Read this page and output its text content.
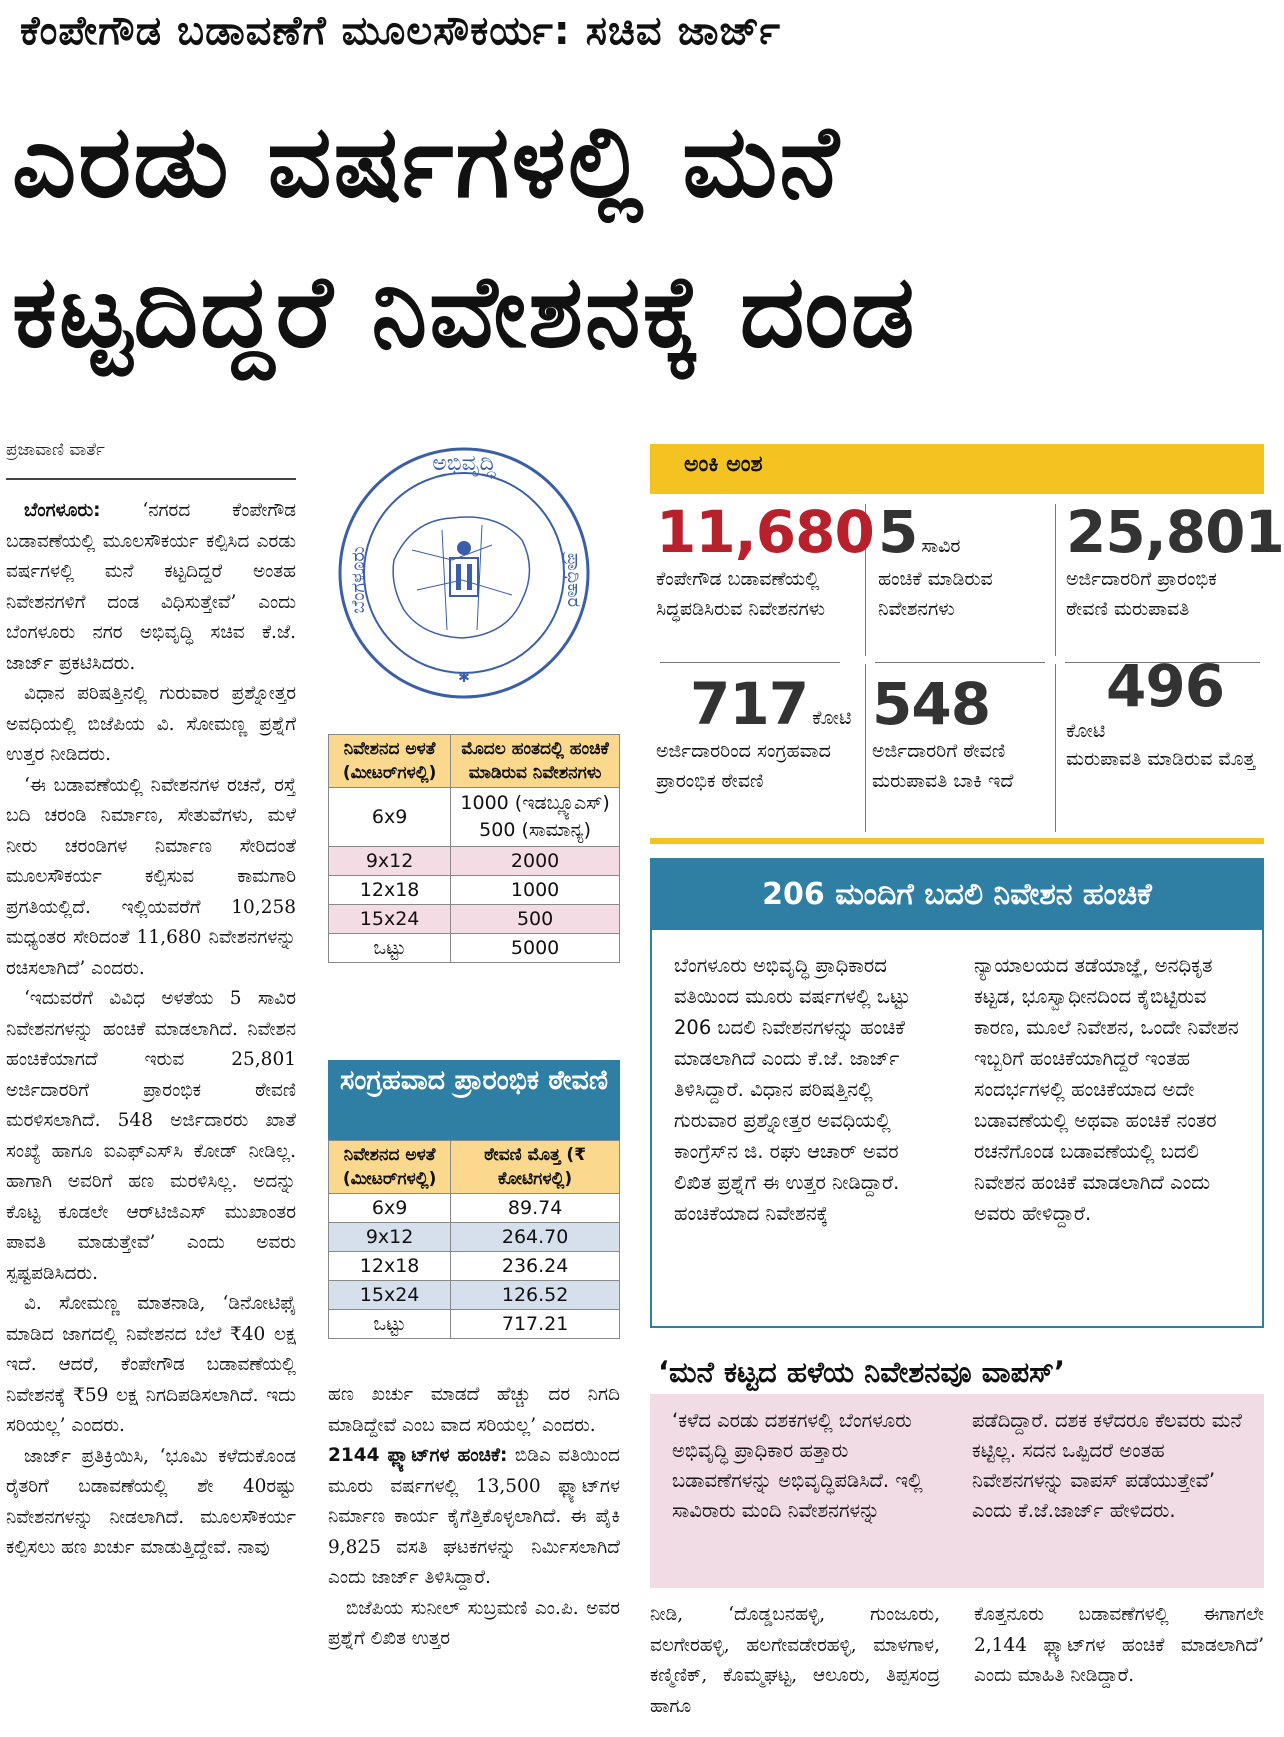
ಕೆಂಪೇಗೌಡ ಬಡಾವಣೆಗೆ ಮೂಲಸೌಕರ್ಯ: ಸಚಿವ ಜಾರ್ಜ್
ಎರಡು ವರ್ಷಗಳಲ್ಲಿ ಮನೆ
ಕಟ್ಟದಿದ್ದರೆ ನಿವೇಶನಕ್ಕೆ ದಂಡ
ಪ್ರಜಾವಾಣಿ ವಾರ್ತೆ

ಬೆಂಗಳೂರು: ‘ನಗರದ ಕೆಂಪೇಗೌಡ ಬಡಾವಣೆಯಲ್ಲಿ ಮೂಲಸೌಕರ್ಯ ಕಲ್ಪಿಸಿದ ಎರಡು ವರ್ಷಗಳಲ್ಲಿ ಮನೆ ಕಟ್ಟದಿದ್ದರೆ ಅಂತಹ ನಿವೇಶನಗಳಿಗೆ ದಂಡ ವಿಧಿಸುತ್ತೇವೆ’ ಎಂದು ಬೆಂಗಳೂರು ನಗರ ಅಭಿವೃದ್ಧಿ ಸಚಿವ ಕೆ.ಜೆ. ಜಾರ್ಜ್ ಪ್ರಕಟಿಸಿದರು.

ವಿಧಾನ ಪರಿಷತ್ತಿನಲ್ಲಿ ಗುರುವಾರ ಪ್ರಶ್ನೋತ್ತರ ಅವಧಿಯಲ್ಲಿ ಬಿಜೆಪಿಯ ವಿ. ಸೋಮಣ್ಣ ಪ್ರಶ್ನೆಗೆ ಉತ್ತರ ನೀಡಿದರು.

‘ಈ ಬಡಾವಣೆಯಲ್ಲಿ ನಿವೇಶನಗಳ ರಚನೆ, ರಸ್ತೆ ಬದಿ ಚರಂಡಿ ನಿರ್ಮಾಣ, ಸೇತುವೆಗಳು, ಮಳೆ ನೀರು ಚರಂಡಿಗಳ ನಿರ್ಮಾಣ ಸೇರಿದಂತೆ ಮೂಲಸೌಕರ್ಯ ಕಲ್ಪಿಸುವ ಕಾಮಗಾರಿ ಪ್ರಗತಿಯಲ್ಲಿದೆ. ಇಲ್ಲಿಯವರೆಗೆ 10,258 ಮಧ್ಯಂತರ ಸೇರಿದಂತೆ 11,680 ನಿವೇಶನಗಳನ್ನು ರಚಿಸಲಾಗಿದೆ’ ಎಂದರು.

‘ಇದುವರೆಗೆ ವಿವಿಧ ಅಳತೆಯ 5 ಸಾವಿರ ನಿವೇಶನಗಳನ್ನು ಹಂಚಿಕೆ ಮಾಡಲಾಗಿದೆ. ನಿವೇಶನ ಹಂಚಿಕೆಯಾಗದೆ ಇರುವ 25,801 ಅರ್ಜಿದಾರರಿಗೆ ಪ್ರಾರಂಭಿಕ ಠೇವಣಿ ಮರಳಿಸಲಾಗಿದೆ. 548 ಅರ್ಜಿದಾರರು ಖಾತೆ ಸಂಖ್ಯೆ ಹಾಗೂ ಐಎಫ್ಎಸ್‌ಸಿ ಕೋಡ್ ನೀಡಿಲ್ಲ. ಹಾಗಾಗಿ ಅವರಿಗೆ ಹಣ ಮರಳಿಸಿಲ್ಲ. ಅದನ್ನು ಕೊಟ್ಟ ಕೂಡಲೇ ಆರ್‌ಟಿಜಿಎಸ್ ಮುಖಾಂತರ ಪಾವತಿ ಮಾಡುತ್ತೇವೆ’ ಎಂದು ಅವರು ಸ್ಪಷ್ಟಪಡಿಸಿದರು.

ವಿ. ಸೋಮಣ್ಣ ಮಾತನಾಡಿ, ‘ಡಿನೋಟಿಫೈ ಮಾಡಿದ ಜಾಗದಲ್ಲಿ ನಿವೇಶನದ ಬೆಲೆ ₹40 ಲಕ್ಷ ಇದೆ. ಆದರೆ, ಕೆಂಪೇಗೌಡ ಬಡಾವಣೆಯಲ್ಲಿ ನಿವೇಶನಕ್ಕೆ ₹59 ಲಕ್ಷ ನಿಗದಿಪಡಿಸಲಾಗಿದೆ. ಇದು ಸರಿಯಲ್ಲ’ ಎಂದರು.

ಜಾರ್ಜ್ ಪ್ರತಿಕ್ರಿಯಿಸಿ, ‘ಭೂಮಿ ಕಳೆದುಕೊಂಡ ರೈತರಿಗೆ ಬಡಾವಣೆಯಲ್ಲಿ ಶೇ 40ರಷ್ಟು ನಿವೇಶನಗಳನ್ನು ನೀಡಲಾಗಿದೆ. ಮೂಲಸೌಕರ್ಯ ಕಲ್ಪಿಸಲು ಹಣ ಖರ್ಚು ಮಾಡುತ್ತಿದ್ದೇವೆ. ನಾವು

✱
ಅಭಿವೃದ್ಧಿ
ಬೆಂಗಳೂರು	ಪ್ರಾಧಿಕಾರ
ನಿವೇಶನದ ಅಳತೆ (ಮೀಟರ್‌ಗಳಲ್ಲಿ)	ಮೊದಲ ಹಂತದಲ್ಲಿ ಹಂಚಿಕೆ ಮಾಡಿರುವ ನಿವೇಶನಗಳು
6x9	1000 (ಇಡಬ್ಲ್ಯೂಎಸ್) 500 (ಸಾಮಾನ್ಯ)
9x12	2000
12x18	1000
15x24	500
ಒಟ್ಟು	5000
ಸಂಗ್ರಹವಾದ ಪ್ರಾರಂಭಿಕ ಠೇವಣಿ
ನಿವೇಶನದ ಅಳತೆ (ಮೀಟರ್‌ಗಳಲ್ಲಿ)	ಠೇವಣಿ ಮೊತ್ತ (₹ ಕೋಟಿಗಳಲ್ಲಿ)
6x9	89.74
9x12	264.70
12x18	236.24
15x24	126.52
ಒಟ್ಟು	717.21

ಹಣ ಖರ್ಚು ಮಾಡದೆ ಹೆಚ್ಚು ದರ ನಿಗದಿ ಮಾಡಿದ್ದೇವೆ ಎಂಬ ವಾದ ಸರಿಯಲ್ಲ’ ಎಂದರು.

2144 ಫ್ಲ್ಯಾಟ್‌ಗಳ ಹಂಚಿಕೆ: ಬಿಡಿಎ ವತಿಯಿಂದ ಮೂರು ವರ್ಷಗಳಲ್ಲಿ 13,500 ಫ್ಲ್ಯಾಟ್‌ಗಳ ನಿರ್ಮಾಣ ಕಾರ್ಯ ಕೈಗೆತ್ತಿಕೊಳ್ಳಲಾಗಿದೆ. ಈ ಪೈಕಿ 9,825 ವಸತಿ ಘಟಕಗಳನ್ನು ನಿರ್ಮಿಸಲಾಗಿದೆ ಎಂದು ಜಾರ್ಜ್ ತಿಳಿಸಿದ್ದಾರೆ.

ಬಿಜೆಪಿಯ ಸುನೀಲ್ ಸುಬ್ರಮಣಿ ಎಂ.ಪಿ. ಅವರ ಪ್ರಶ್ನೆಗೆ ಲಿಖಿತ ಉತ್ತರ

ಅಂಕಿ ಅಂಶ
11,680
ಕೆಂಪೇಗೌಡ ಬಡಾವಣೆಯಲ್ಲಿ ಸಿದ್ಧಪಡಿಸಿರುವ ನಿವೇಶನಗಳು
5 ಸಾವಿರ
ಹಂಚಿಕೆ ಮಾಡಿರುವ ನಿವೇಶನಗಳು
25,801
ಅರ್ಜಿದಾರರಿಗೆ ಪ್ರಾರಂಭಿಕ ಠೇವಣಿ ಮರುಪಾವತಿ
717 ಕೋಟಿ
ಅರ್ಜಿದಾರರಿಂದ ಸಂಗ್ರಹವಾದ ಪ್ರಾರಂಭಿಕ ಠೇವಣಿ
548
ಅರ್ಜಿದಾರರಿಗೆ ಠೇವಣಿ ಮರುಪಾವತಿ ಬಾಕಿ ಇದೆ
496
ಕೋಟಿ
ಮರುಪಾವತಿ ಮಾಡಿರುವ ಮೊತ್ತ
206 ಮಂದಿಗೆ ಬದಲಿ ನಿವೇಶನ ಹಂಚಿಕೆ
ಬೆಂಗಳೂರು ಅಭಿವೃದ್ಧಿ ಪ್ರಾಧಿಕಾರದ ವತಿಯಿಂದ ಮೂರು ವರ್ಷಗಳಲ್ಲಿ ಒಟ್ಟು 206 ಬದಲಿ ನಿವೇಶನಗಳನ್ನು ಹಂಚಿಕೆ ಮಾಡಲಾಗಿದೆ ಎಂದು ಕೆ.ಜೆ. ಜಾರ್ಜ್ ತಿಳಿಸಿದ್ದಾರೆ. ವಿಧಾನ ಪರಿಷತ್ತಿನಲ್ಲಿ ಗುರುವಾರ ಪ್ರಶ್ನೋತ್ತರ ಅವಧಿಯಲ್ಲಿ ಕಾಂಗ್ರೆಸ್‌ನ ಜಿ. ರಘು ಆಚಾರ್ ಅವರ ಲಿಖಿತ ಪ್ರಶ್ನೆಗೆ ಈ ಉತ್ತರ ನೀಡಿದ್ದಾರೆ. ಹಂಚಿಕೆಯಾದ ನಿವೇಶನಕ್ಕೆ
ನ್ಯಾಯಾಲಯದ ತಡೆಯಾಜ್ಞೆ, ಅನಧಿಕೃತ ಕಟ್ಟಡ, ಭೂಸ್ವಾಧೀನದಿಂದ ಕೈಬಿಟ್ಟಿರುವ ಕಾರಣ, ಮೂಲೆ ನಿವೇಶನ, ಒಂದೇ ನಿವೇಶನ ಇಬ್ಬರಿಗೆ ಹಂಚಿಕೆಯಾಗಿದ್ದರೆ ಇಂತಹ ಸಂದರ್ಭಗಳಲ್ಲಿ ಹಂಚಿಕೆಯಾದ ಅದೇ ಬಡಾವಣೆಯಲ್ಲಿ ಅಥವಾ ಹಂಚಿಕೆ ನಂತರ ರಚನೆಗೊಂಡ ಬಡಾವಣೆಯಲ್ಲಿ ಬದಲಿ ನಿವೇಶನ ಹಂಚಿಕೆ ಮಾಡಲಾಗಿದೆ ಎಂದು ಅವರು ಹೇಳಿದ್ದಾರೆ.
‘ಮನೆ ಕಟ್ಟದ ಹಳೆಯ ನಿವೇಶನವೂ ವಾಪಸ್’
‘ಕಳೆದ ಎರಡು ದಶಕಗಳಲ್ಲಿ ಬೆಂಗಳೂರು ಅಭಿವೃದ್ಧಿ ಪ್ರಾಧಿಕಾರ ಹತ್ತಾರು ಬಡಾವಣೆಗಳನ್ನು ಅಭಿವೃದ್ಧಿಪಡಿಸಿದೆ. ಇಲ್ಲಿ ಸಾವಿರಾರು ಮಂದಿ ನಿವೇಶನಗಳನ್ನು
ಪಡೆದಿದ್ದಾರೆ. ದಶಕ ಕಳೆದರೂ ಕೆಲವರು ಮನೆ ಕಟ್ಟಿಲ್ಲ. ಸದನ ಒಪ್ಪಿದರೆ ಅಂತಹ ನಿವೇಶನಗಳನ್ನು ವಾಪಸ್ ಪಡೆಯುತ್ತೇವೆ’ ಎಂದು ಕೆ.ಜೆ.ಜಾರ್ಜ್ ಹೇಳಿದರು.
ನೀಡಿ, ‘ದೊಡ್ಡಬನಹಳ್ಳಿ, ಗುಂಜೂರು, ವಲಗೇರಹಳ್ಳಿ, ಹಲಗೇವಡೇರಹಳ್ಳಿ, ಮಾಳಗಾಳ, ಕಣ್ಮಿಣಿಕ್, ಕೊಮ್ಮಘಟ್ಟ, ಆಲೂರು, ತಿಪ್ಪಸಂದ್ರ ಹಾಗೂ
ಕೊತ್ತನೂರು ಬಡಾವಣೆಗಳಲ್ಲಿ ಈಗಾಗಲೇ 2,144 ಫ್ಲ್ಯಾಟ್‌ಗಳ ಹಂಚಿಕೆ ಮಾಡಲಾಗಿದೆ’ ಎಂದು ಮಾಹಿತಿ ನೀಡಿದ್ದಾರೆ.
